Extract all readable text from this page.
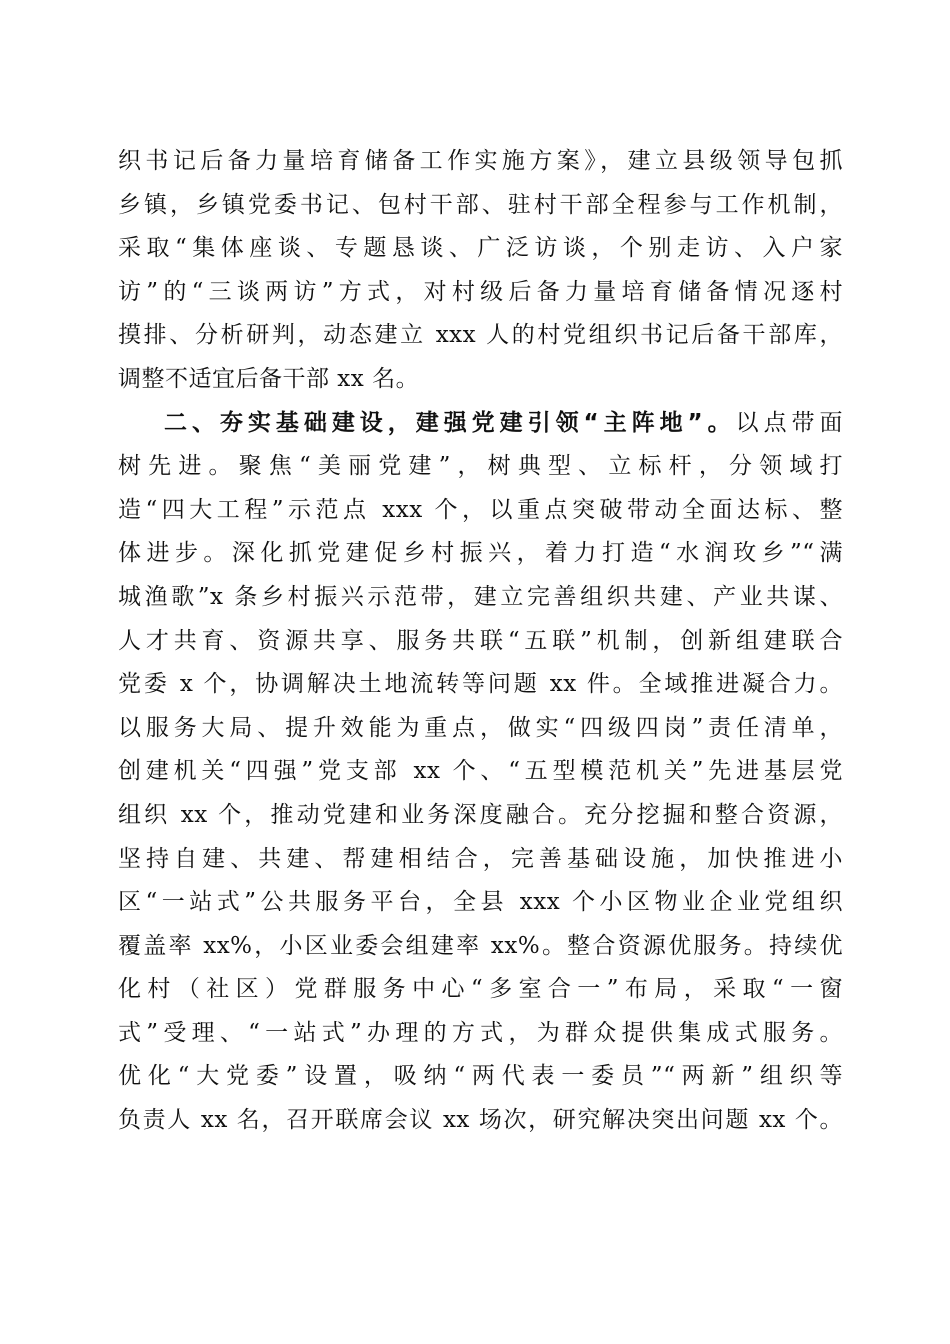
织书记后备力量培育储备工作实施方案》，建立县级领导包抓
乡镇，乡镇党委书记、包村干部、驻村干部全程参与工作机制，
采取“集体座谈、专题恳谈、广泛访谈，个别走访、入户家
访”的“三谈两访”方式，对村级后备力量培育储备情况逐村
摸排、分析研判，动态建立 xxx 人的村党组织书记后备干部库，
调整不适宜后备干部 xx 名。
二、夯实基础建设，建强党建引领“主阵地”。以点带面
树先进。聚焦“美丽党建”，树典型、立标杆，分领域打
造“四大工程”示范点 xxx 个，以重点突破带动全面达标、整
体进步。深化抓党建促乡村振兴，着力打造“水润玫乡”“满
城渔歌”x 条乡村振兴示范带，建立完善组织共建、产业共谋、
人才共育、资源共享、服务共联“五联”机制，创新组建联合
党委 x 个，协调解决土地流转等问题 xx 件。全域推进凝合力。
以服务大局、提升效能为重点，做实“四级四岗”责任清单，
创建机关“四强”党支部 xx 个、“五型模范机关”先进基层党
组织 xx 个，推动党建和业务深度融合。充分挖掘和整合资源，
坚持自建、共建、帮建相结合，完善基础设施，加快推进小
区“一站式”公共服务平台，全县 xxx 个小区物业企业党组织
覆盖率 xx%，小区业委会组建率 xx%。整合资源优服务。持续优
化村（社区）党群服务中心“多室合一”布局，采取“一窗
式”受理、“一站式”办理的方式，为群众提供集成式服务。
优化“大党委”设置，吸纳“两代表一委员”“两新”组织等
负责人 xx 名，召开联席会议 xx 场次，研究解决突出问题 xx 个。
